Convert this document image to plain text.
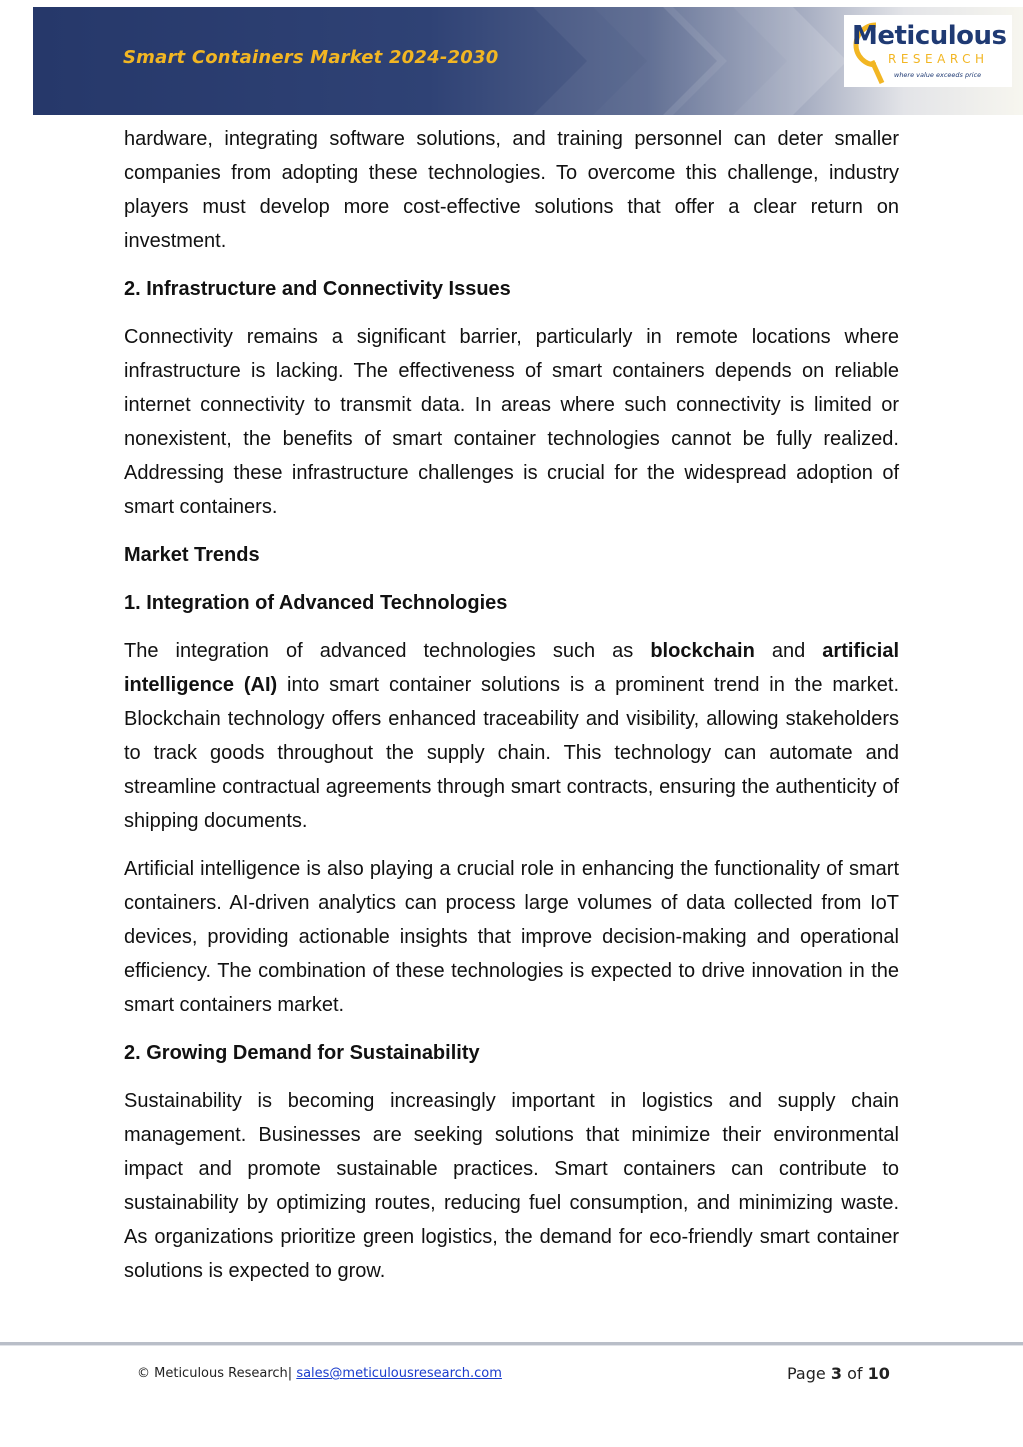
Smart Containers Market 2024-2030
Meticulous
RESEARCH
where value exceeds price

hardware, integrating software solutions, and training personnel can deter smaller companies from adopting these technologies. To overcome this challenge, industry players must develop more cost-effective solutions that offer a clear return on investment.

2. Infrastructure and Connectivity Issues

Connectivity remains a significant barrier, particularly in remote locations where infrastructure is lacking. The effectiveness of smart containers depends on reliable internet connectivity to transmit data. In areas where such connectivity is limited or nonexistent, the benefits of smart container technologies cannot be fully realized. Addressing these infrastructure challenges is crucial for the widespread adoption of smart containers.

Market Trends
1. Integration of Advanced Technologies

The integration of advanced technologies such as blockchain and artificial intelligence (AI) into smart container solutions is a prominent trend in the market. Blockchain technology offers enhanced traceability and visibility, allowing stakeholders to track goods throughout the supply chain. This technology can automate and streamline contractual agreements through smart contracts, ensuring the authenticity of shipping documents.

Artificial intelligence is also playing a crucial role in enhancing the functionality of smart containers. AI-driven analytics can process large volumes of data collected from IoT devices, providing actionable insights that improve decision-making and operational efficiency. The combination of these technologies is expected to drive innovation in the smart containers market.

2. Growing Demand for Sustainability

Sustainability is becoming increasingly important in logistics and supply chain management. Businesses are seeking solutions that minimize their environmental impact and promote sustainable practices. Smart containers can contribute to sustainability by optimizing routes, reducing fuel consumption, and minimizing waste. As organizations prioritize green logistics, the demand for eco-friendly smart container solutions is expected to grow.

© Meticulous Research| sales@meticulousresearch.com	Page 3 of 10
